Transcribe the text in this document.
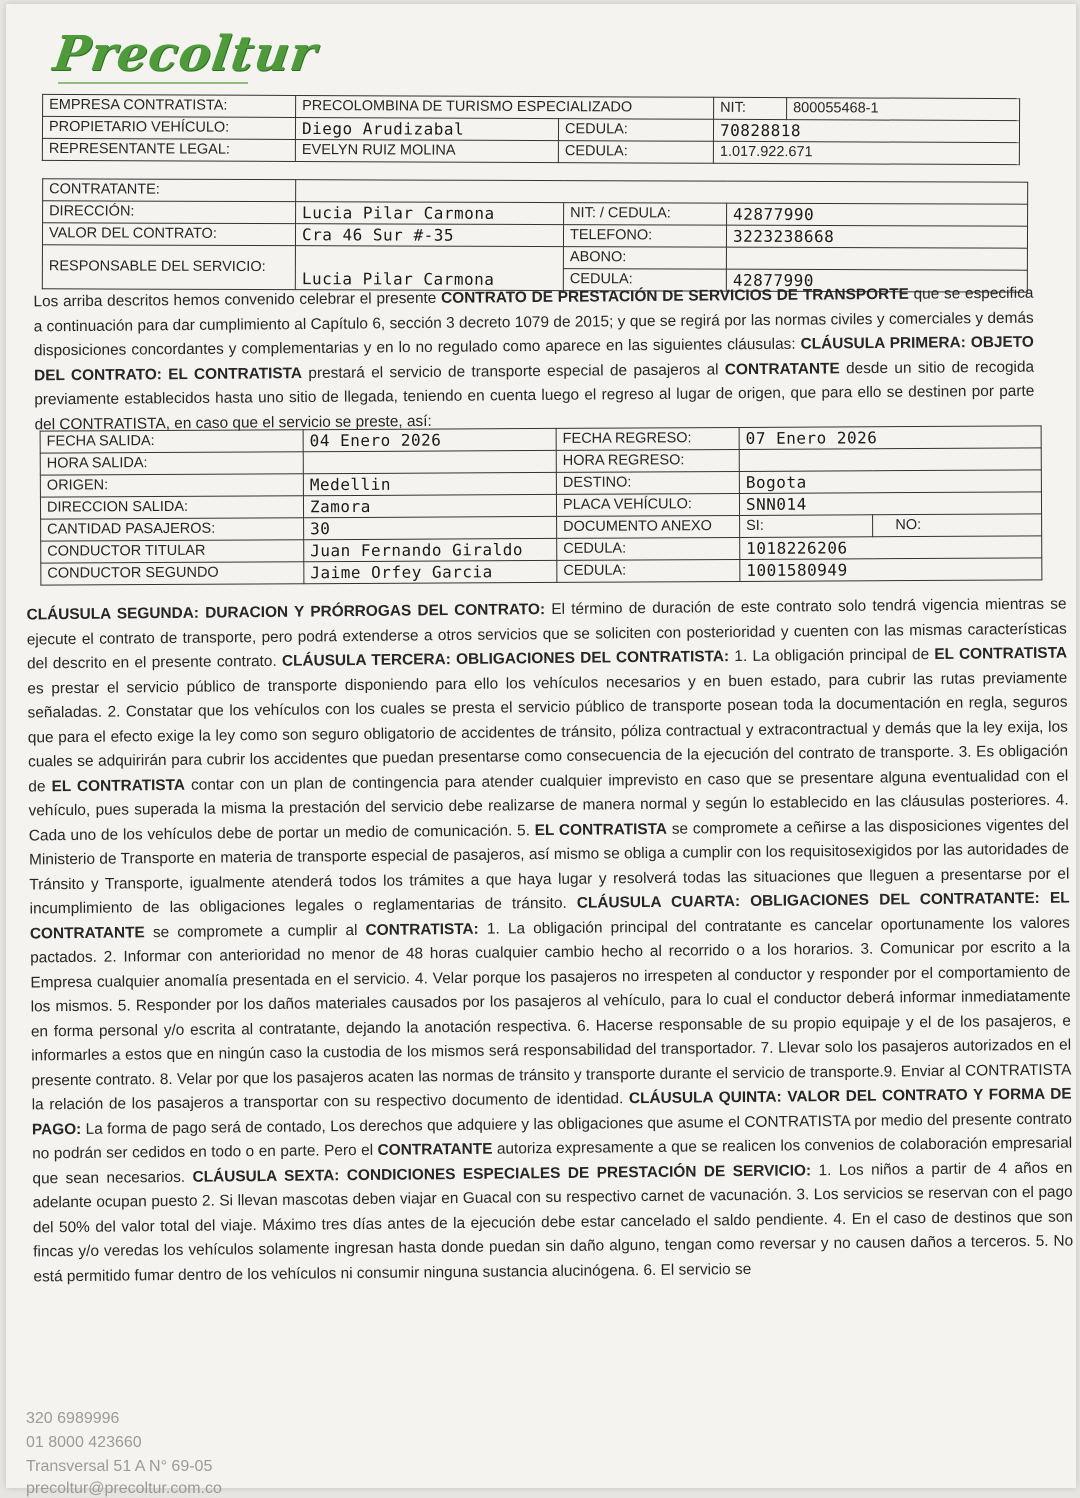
Precoltur
EMPRESA CONTRATISTA:	PRECOLOMBINA DE TURISMO ESPECIALIZADO		NIT:	800055468-1
PROPIETARIO VEHÍCULO:	Diego Arudizabal	CEDULA:	70828818	
REPRESENTANTE LEGAL:	EVELYN RUIZ MOLINA	CEDULA:	1.017.922.671	
CONTRATANTE:			
DIRECCIÓN:	Lucia Pilar Carmona	NIT: / CEDULA:	42877990
VALOR DEL CONTRATO:	Cra 46 Sur #-35	TELEFONO:	3223238668
RESPONSABLE DEL SERVICIO:	Lucia Pilar Carmona	ABONO:	
		CEDULA:	42877990

Los arriba descritos hemos convenido celebrar el presente CONTRATO DE PRESTACIÓN DE SERVICIOS DE TRANSPORTE que se especifica a continuación para dar cumplimiento al Capítulo 6, sección 3 decreto 1079 de 2015; y que se regirá por las normas civiles y comerciales y demás disposiciones concordantes y complementarias y en lo no regulado como aparece en las siguientes cláusulas: CLÁUSULA PRIMERA: OBJETO DEL CONTRATO: EL CONTRATISTA prestará el servicio de transporte especial de pasajeros al CONTRATANTE desde un sitio de recogida previamente establecidos hasta uno sitio de llegada, teniendo en cuenta luego el regreso al lugar de origen, que para ello se destinen por parte del CONTRATISTA, en caso que el servicio se preste, así:

FECHA SALIDA:	04 Enero 2026	FECHA REGRESO:	07 Enero 2026	
HORA SALIDA:		HORA REGRESO:		
ORIGEN:	Medellin	DESTINO:	Bogota	
DIRECCION SALIDA:	Zamora	PLACA VEHÍCULO:	SNN014	
CANTIDAD PASAJEROS:	30	DOCUMENTO ANEXO	SI:	NO:
CONDUCTOR TITULAR	Juan Fernando Giraldo	CEDULA:	1018226206	
CONDUCTOR SEGUNDO	Jaime Orfey Garcia	CEDULA:	1001580949	

CLÁUSULA SEGUNDA: DURACION Y PRÓRROGAS DEL CONTRATO: El término de duración de este contrato solo tendrá vigencia mientras se ejecute el contrato de transporte, pero podrá extenderse a otros servicios que se soliciten con posterioridad y cuenten con las mismas características del descrito en el presente contrato. CLÁUSULA TERCERA: OBLIGACIONES DEL CONTRATISTA: 1. La obligación principal de EL CONTRATISTA es prestar el servicio público de transporte disponiendo para ello los vehículos necesarios y en buen estado, para cubrir las rutas previamente señaladas. 2. Constatar que los vehículos con los cuales se presta el servicio público de transporte posean toda la documentación en regla, seguros que para el efecto exige la ley como son seguro obligatorio de accidentes de tránsito, póliza contractual y extracontractual y demás que la ley exija, los cuales se adquirirán para cubrir los accidentes que puedan presentarse como consecuencia de la ejecución del contrato de transporte. 3. Es obligación de EL CONTRATISTA contar con un plan de contingencia para atender cualquier imprevisto en caso que se presentare alguna eventualidad con el vehículo, pues superada la misma la prestación del servicio debe realizarse de manera normal y según lo establecido en las cláusulas posteriores. 4. Cada uno de los vehículos debe de portar un medio de comunicación. 5. EL CONTRATISTA se compromete a ceñirse a las disposiciones vigentes del Ministerio de Transporte en materia de transporte especial de pasajeros, así mismo se obliga a cumplir con los requisitosexigidos por las autoridades de Tránsito y Transporte, igualmente atenderá todos los trámites a que haya lugar y resolverá todas las situaciones que lleguen a presentarse por el incumplimiento de las obligaciones legales o reglamentarias de tránsito. CLÁUSULA CUARTA: OBLIGACIONES DEL CONTRATANTE: EL CONTRATANTE se compromete a cumplir al CONTRATISTA: 1. La obligación principal del contratante es cancelar oportunamente los valores pactados. 2. Informar con anterioridad no menor de 48 horas cualquier cambio hecho al recorrido o a los horarios. 3. Comunicar por escrito a la Empresa cualquier anomalía presentada en el servicio. 4. Velar porque los pasajeros no irrespeten al conductor y responder por el comportamiento de los mismos. 5. Responder por los daños materiales causados por los pasajeros al vehículo, para lo cual el conductor deberá informar inmediatamente en forma personal y/o escrita al contratante, dejando la anotación respectiva. 6. Hacerse responsable de su propio equipaje y el de los pasajeros, e informarles a estos que en ningún caso la custodia de los mismos será responsabilidad del transportador. 7. Llevar solo los pasajeros autorizados en el presente contrato. 8. Velar por que los pasajeros acaten las normas de tránsito y transporte durante el servicio de transporte.9. Enviar al CONTRATISTA la relación de los pasajeros a transportar con su respectivo documento de identidad. CLÁUSULA QUINTA: VALOR DEL CONTRATO Y FORMA DE PAGO: La forma de pago será de contado, Los derechos que adquiere y las obligaciones que asume el CONTRATISTA por medio del presente contrato no podrán ser cedidos en todo o en parte. Pero el CONTRATANTE autoriza expresamente a que se realicen los convenios de colaboración empresarial que sean necesarios. CLÁUSULA SEXTA: CONDICIONES ESPECIALES DE PRESTACIÓN DE SERVICIO: 1. Los niños a partir de 4 años en adelante ocupan puesto 2. Si llevan mascotas deben viajar en Guacal con su respectivo carnet de vacunación. 3. Los servicios se reservan con el pago del 50% del valor total del viaje. Máximo tres días antes de la ejecución debe estar cancelado el saldo pendiente. 4. En el caso de destinos que son fincas y/o veredas los vehículos solamente ingresan hasta donde puedan sin daño alguno, tengan como reversar y no causen daños a terceros. 5. No está permitido fumar dentro de los vehículos ni consumir ninguna sustancia alucinógena. 6. El servicio se

320 6989996
01 8000 423660
Transversal 51 A N° 69-05
precoltur@precoltur.com.co
